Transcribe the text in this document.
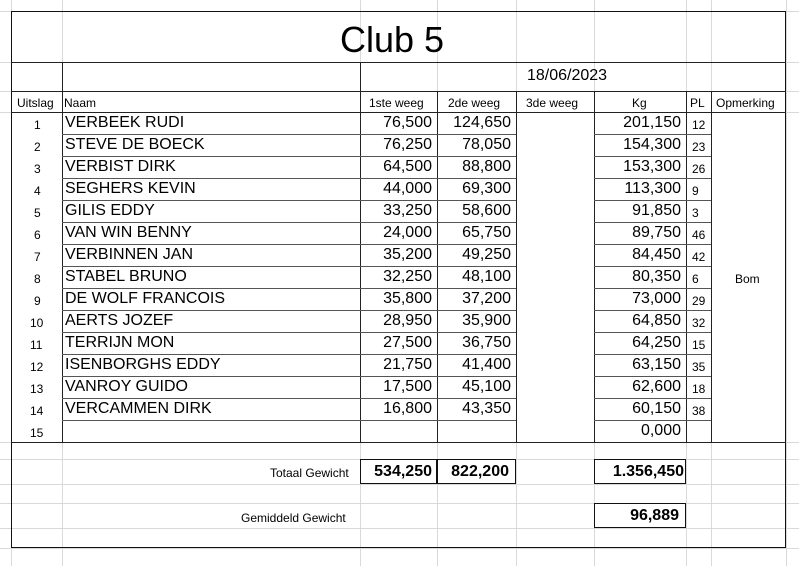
Club 5
18/06/2023
Uitslag Naam	1ste weeg 2de weeg 3de weeg	Kg	PL Opmerking
1 VERBEEK RUDI	76,500 124,650	201,150 12
2 STEVE DE BOECK	76,250 78,050	154,300 23
3 VERBIST DIRK	64,500 88,800	153,300 26
4 SEGHERS KEVIN	44,000 69,300	113,300 9
5 GILIS EDDY	33,250 58,600	91,850 3
6 VAN WIN BENNY	24,000 65,750	89,750 46
7 VERBINNEN JAN	35,200 49,250	84,450 42
8 STABEL BRUNO	32,250 48,100	80,350 6	Bom
9 DE WOLF FRANCOIS	35,800 37,200	73,000 29
10 AERTS JOZEF	28,950 35,900	64,850 32
11 TERRIJN MON	27,500 36,750	64,250 15
12 ISENBORGHS EDDY	21,750 41,400	63,150 35
13 VANROY GUIDO	17,500 45,100	62,600 18
14 VERCAMMEN DIRK	16,800 43,350	60,150 38
15	0,000
Totaal Gewicht 534,250 822,200	1.356,450
Gemiddeld Gewicht	96,889
